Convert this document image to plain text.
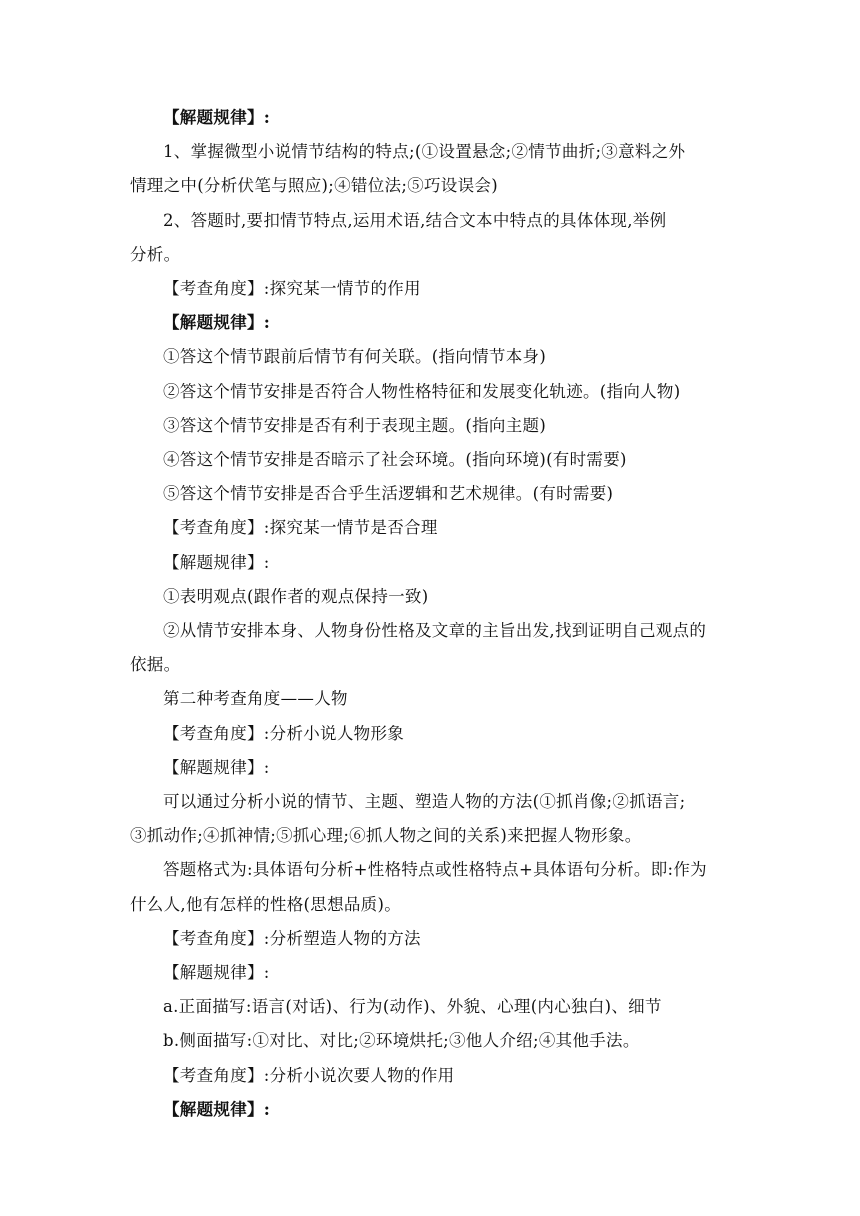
【解题规律】:
1、掌握微型小说情节结构的特点;(①设置悬念;②情节曲折;③意料之外
情理之中(分析伏笔与照应);④错位法;⑤巧设误会)
2、答题时,要扣情节特点,运用术语,结合文本中特点的具体体现,举例
分析。
【考查角度】:探究某一情节的作用
【解题规律】:
①答这个情节跟前后情节有何关联。(指向情节本身)
②答这个情节安排是否符合人物性格特征和发展变化轨迹。(指向人物)
③答这个情节安排是否有利于表现主题。(指向主题)
④答这个情节安排是否暗示了社会环境。(指向环境)(有时需要)
⑤答这个情节安排是否合乎生活逻辑和艺术规律。(有时需要)
【考查角度】:探究某一情节是否合理
【解题规律】:
①表明观点(跟作者的观点保持一致)
②从情节安排本身、人物身份性格及文章的主旨出发,找到证明自己观点的
依据。
第二种考查角度——人物
【考查角度】:分析小说人物形象
【解题规律】:
可以通过分析小说的情节、主题、塑造人物的方法(①抓肖像;②抓语言;
③抓动作;④抓神情;⑤抓心理;⑥抓人物之间的关系)来把握人物形象。
答题格式为:具体语句分析+性格特点或性格特点+具体语句分析。即:作为
什么人,他有怎样的性格(思想品质)。
【考查角度】:分析塑造人物的方法
【解题规律】:
a.正面描写:语言(对话)、行为(动作)、外貌、心理(内心独白)、细节
b.侧面描写:①对比、对比;②环境烘托;③他人介绍;④其他手法。
【考查角度】:分析小说次要人物的作用
【解题规律】:
